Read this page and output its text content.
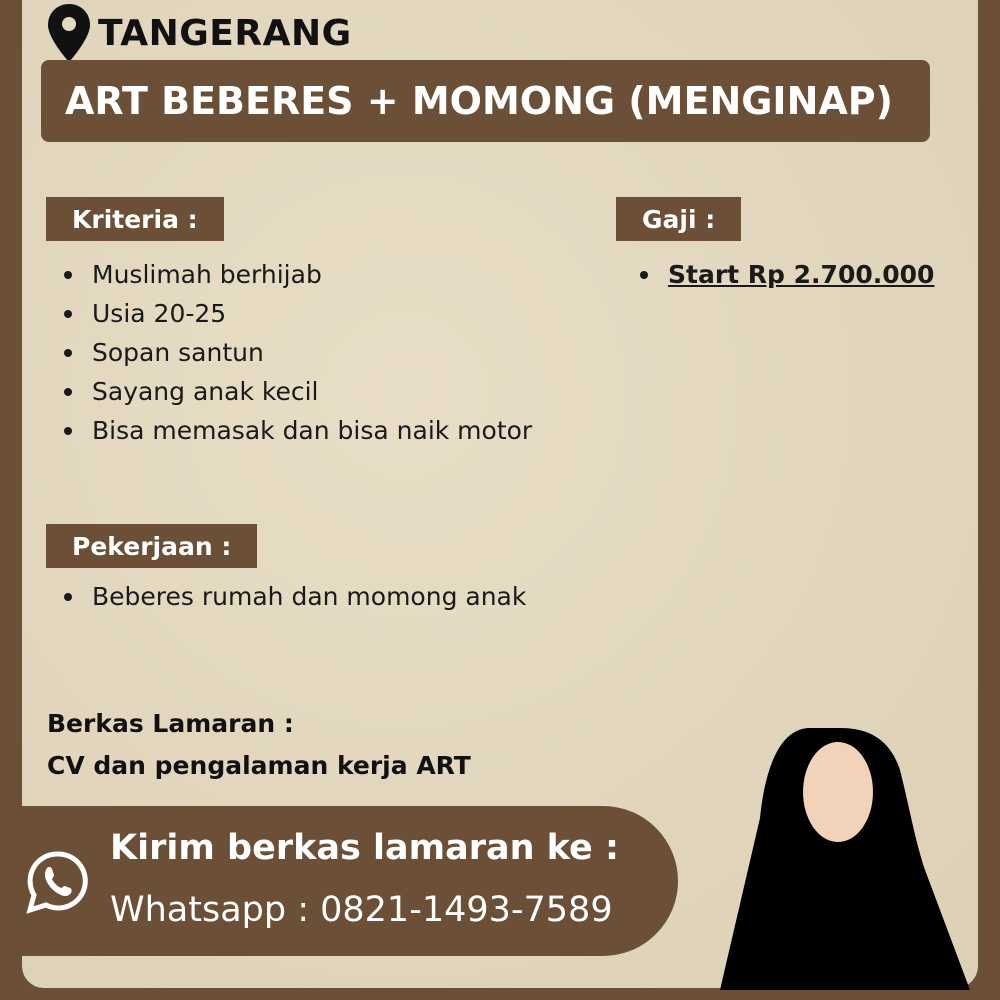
TANGERANG
ART BEBERES + MOMONG (MENGINAP)
Kriteria :
Muslimah berhijab
Usia 20-25
Sopan santun
Sayang anak kecil
Bisa memasak dan bisa naik motor
Gaji :
Start Rp 2.700.000
Pekerjaan :
Beberes rumah dan momong anak
Berkas Lamaran :
CV dan pengalaman kerja ART
Kirim berkas lamaran ke :
Whatsapp : 0821-1493-7589
